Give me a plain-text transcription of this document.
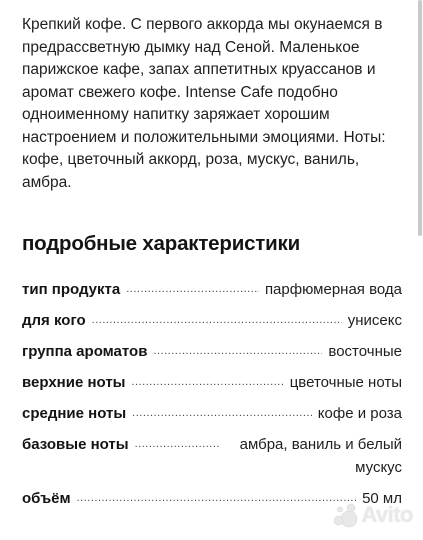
Крепкий кофе. С первого аккорда мы окунаемся в предрассветную дымку над Сеной. Маленькое парижское кафе, запах аппетитных круассанов и аромат свежего кофе. Intense Cafe подобно одноименному напитку заряжает хорошим настроением и положительными эмоциями. Ноты: кофе, цветочный аккорд, роза, мускус, ваниль, амбра.

подробные характеристики
тип продукта .....	парфюмерная вода
для кого .....	унисекс
группа ароматов .....	восточные
верхние ноты .....	цветочные ноты
средние ноты .....	кофе и роза
базовые ноты .....	амбра, ваниль и белый мускус
объём .....	50 мл
Avito
